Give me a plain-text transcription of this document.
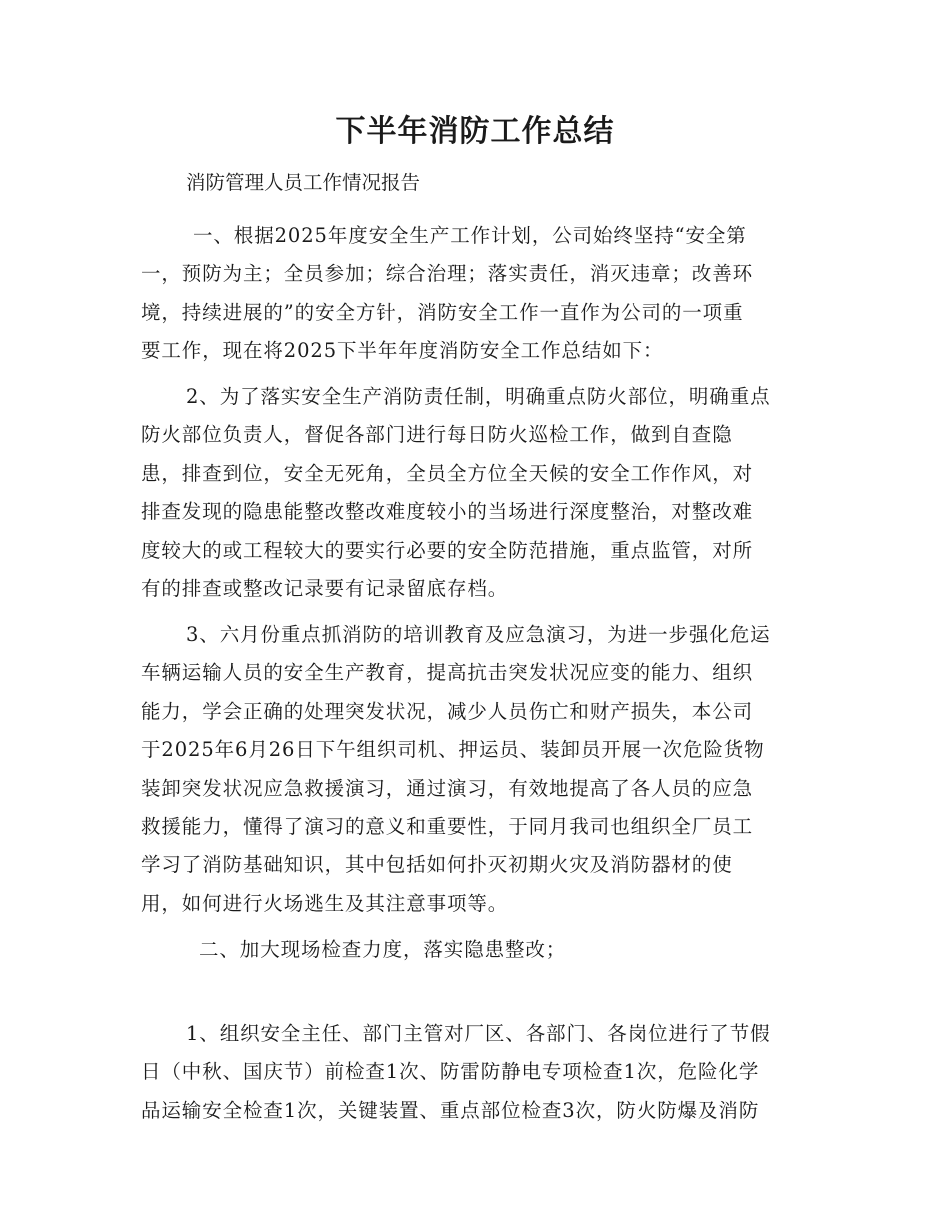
下半年消防工作总结
消防管理人员工作情况报告
一、根据2025年度安全生产工作计划，公司始终坚持“安全第
一，预防为主；全员参加；综合治理；落实责任，消灭违章；改善环
境，持续进展的”的安全方针，消防安全工作一直作为公司的一项重
要工作，现在将2025下半年年度消防安全工作总结如下：
2、为了落实安全生产消防责任制，明确重点防火部位，明确重点
防火部位负责人，督促各部门进行每日防火巡检工作，做到自查隐
患，排查到位，安全无死角，全员全方位全天候的安全工作作风，对
排查发现的隐患能整改整改难度较小的当场进行深度整治，对整改难
度较大的或工程较大的要实行必要的安全防范措施，重点监管，对所
有的排查或整改记录要有记录留底存档。
3、六月份重点抓消防的培训教育及应急演习，为进一步强化危运
车辆运输人员的安全生产教育，提高抗击突发状况应变的能力、组织
能力，学会正确的处理突发状况，减少人员伤亡和财产损失，本公司
于2025年6月26日下午组织司机、押运员、装卸员开展一次危险货物
装卸突发状况应急救援演习，通过演习，有效地提高了各人员的应急
救援能力，懂得了演习的意义和重要性，于同月我司也组织全厂员工
学习了消防基础知识，其中包括如何扑灭初期火灾及消防器材的使
用，如何进行火场逃生及其注意事项等。
二、加大现场检查力度，落实隐患整改；
1、组织安全主任、部门主管对厂区、各部门、各岗位进行了节假
日（中秋、国庆节）前检查1次、防雷防静电专项检查1次，危险化学
品运输安全检查1次，关键装置、重点部位检查3次，防火防爆及消防
